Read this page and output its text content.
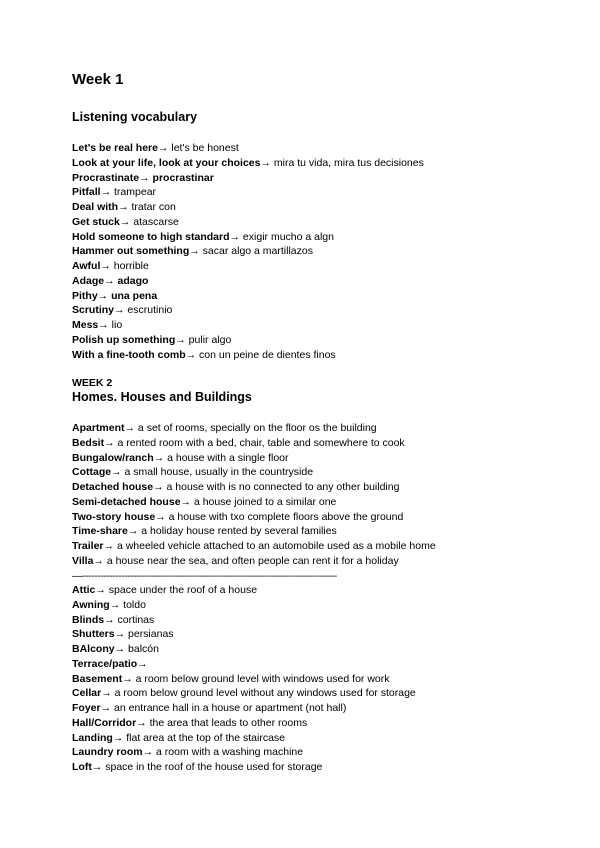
Week 1
Listening vocabulary
Let's be real here→ let's be honest
Look at your life, look at your choices→ mira tu vida, mira tus decisiones
Procrastinate→ procrastinar
Pitfall→ trampear
Deal with→ tratar con
Get stuck→ atascarse
Hold someone to high standard→ exigir mucho a algn
Hammer out something→ sacar algo a martillazos
Awful→ horrible
Adage→ adago
Pithy→ una pena
Scrutiny→ escrutinio
Mess→ lio
Polish up something→ pulir algo
With a fine-tooth comb→ con un peine de dientes finos
WEEK 2
Homes. Houses and Buildings
Apartment→ a set of rooms, specially on the floor os the building
Bedsit→ a rented room with a bed, chair, table and somewhere to cook
Bungalow/ranch→ a house with a single floor
Cottage→ a small house, usually in the countryside
Detached house→ a house with is no connected to any other building
Semi-detached house→ a house joined to a similar one
Two-story house→ a house with txo complete floors above the ground
Time-share→ a holiday house rented by several families
Trailer→ a wheeled vehicle attached to an automobile used as a mobile home
Villa→ a house near the sea, and often people can rent it for a holiday
—-------------------------------------------------------------------------------------
Attic→ space under the roof of a house
Awning→ toldo
Blinds→ cortinas
Shutters→ persianas
BAlcony→ balcón
Terrace/patio→
Basement→ a room below ground level with windows used for work
Cellar→ a room below ground level without any windows used for storage
Foyer→ an entrance hall in a house or apartment (not hall)
Hall/Corridor→ the area that leads to other rooms
Landing→ flat area at the top of the staircase
Laundry room→ a room with a washing machine
Loft→ space in the roof of the house used for storage
